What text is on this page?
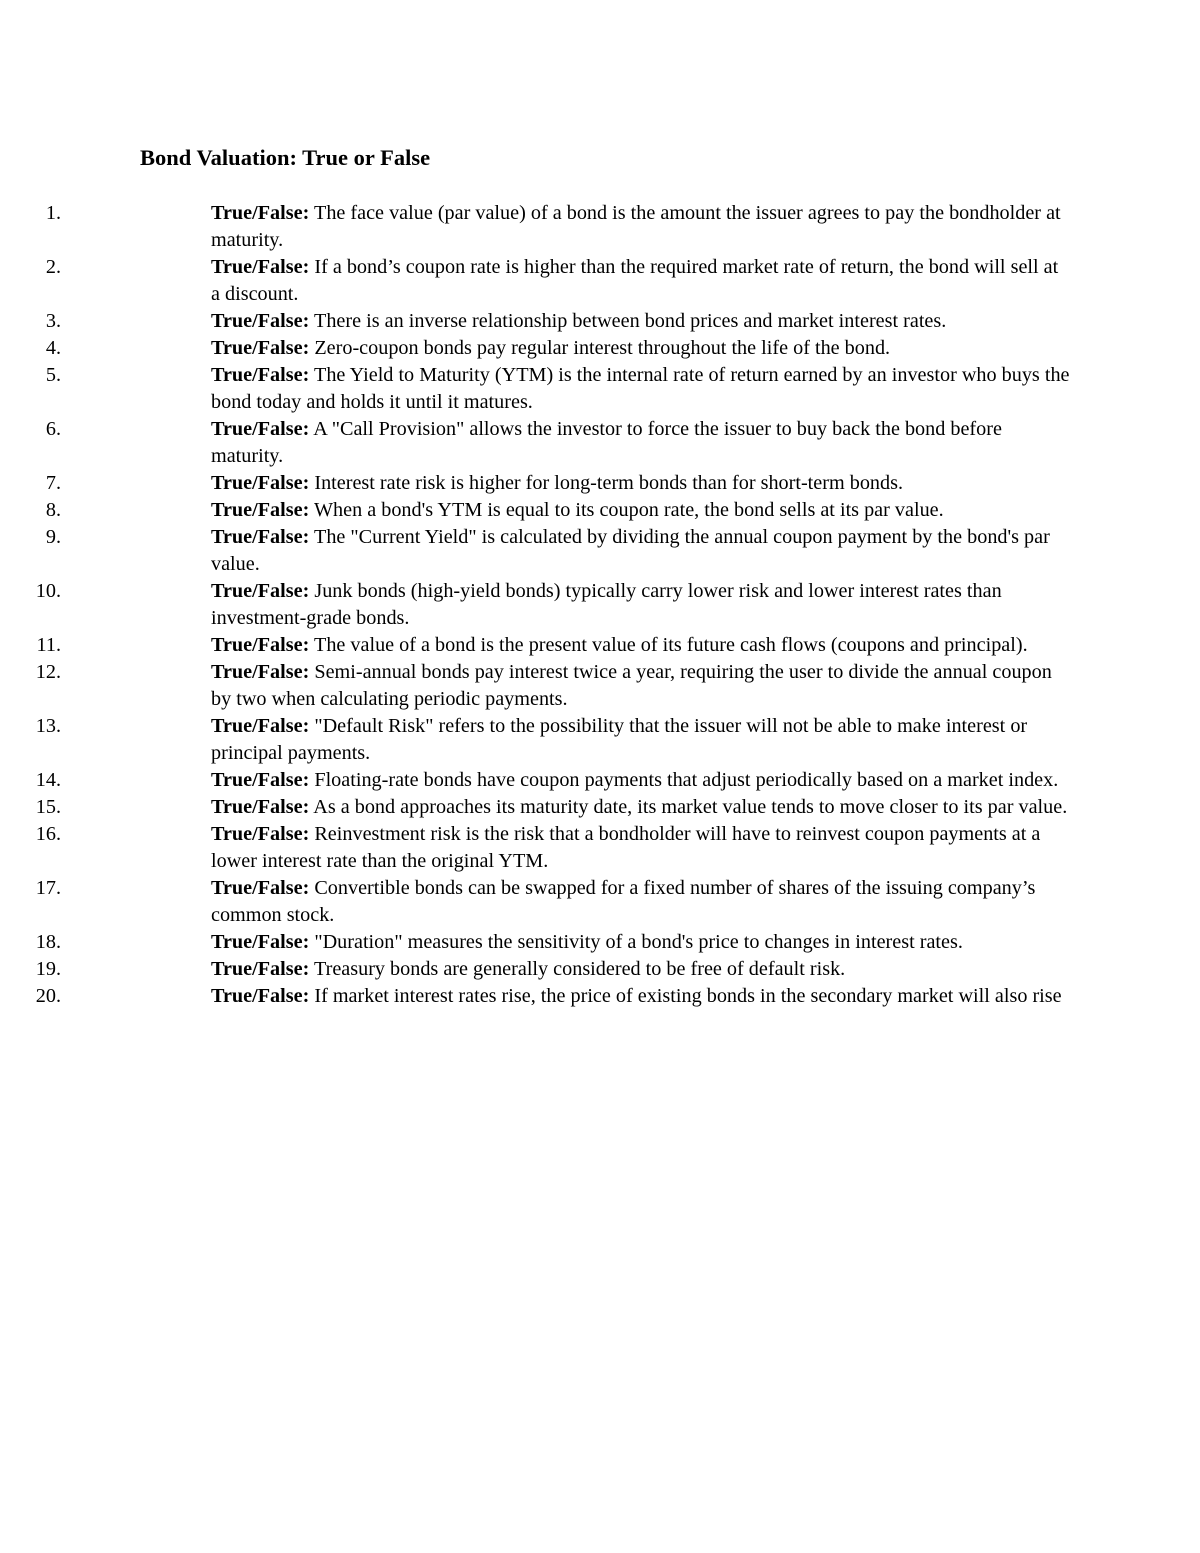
Bond Valuation: True or False
1.	True/False: The face value (par value) of a bond is the amount the issuer agrees to pay the bondholder at maturity.
2.	True/False: If a bond’s coupon rate is higher than the required market rate of return, the bond will sell at a discount.
3.	True/False: There is an inverse relationship between bond prices and market interest rates.
4.	True/False: Zero-coupon bonds pay regular interest throughout the life of the bond.
5.	True/False: The Yield to Maturity (YTM) is the internal rate of return earned by an investor who buys the bond today and holds it until it matures.
6.	True/False: A "Call Provision" allows the investor to force the issuer to buy back the bond before maturity.
7.	True/False: Interest rate risk is higher for long-term bonds than for short-term bonds.
8.	True/False: When a bond's YTM is equal to its coupon rate, the bond sells at its par value.
9.	True/False: The "Current Yield" is calculated by dividing the annual coupon payment by the bond's par value.
10.	True/False: Junk bonds (high-yield bonds) typically carry lower risk and lower interest rates than investment-grade bonds.
11.	True/False: The value of a bond is the present value of its future cash flows (coupons and principal).
12.	True/False: Semi-annual bonds pay interest twice a year, requiring the user to divide the annual coupon by two when calculating periodic payments.
13.	True/False: "Default Risk" refers to the possibility that the issuer will not be able to make interest or principal payments.
14.	True/False: Floating-rate bonds have coupon payments that adjust periodically based on a market index.
15.	True/False: As a bond approaches its maturity date, its market value tends to move closer to its par value.
16.	True/False: Reinvestment risk is the risk that a bondholder will have to reinvest coupon payments at a lower interest rate than the original YTM.
17.	True/False: Convertible bonds can be swapped for a fixed number of shares of the issuing company’s common stock.
18.	True/False: "Duration" measures the sensitivity of a bond's price to changes in interest rates.
19.	True/False: Treasury bonds are generally considered to be free of default risk.
20.	True/False: If market interest rates rise, the price of existing bonds in the secondary market will also rise
